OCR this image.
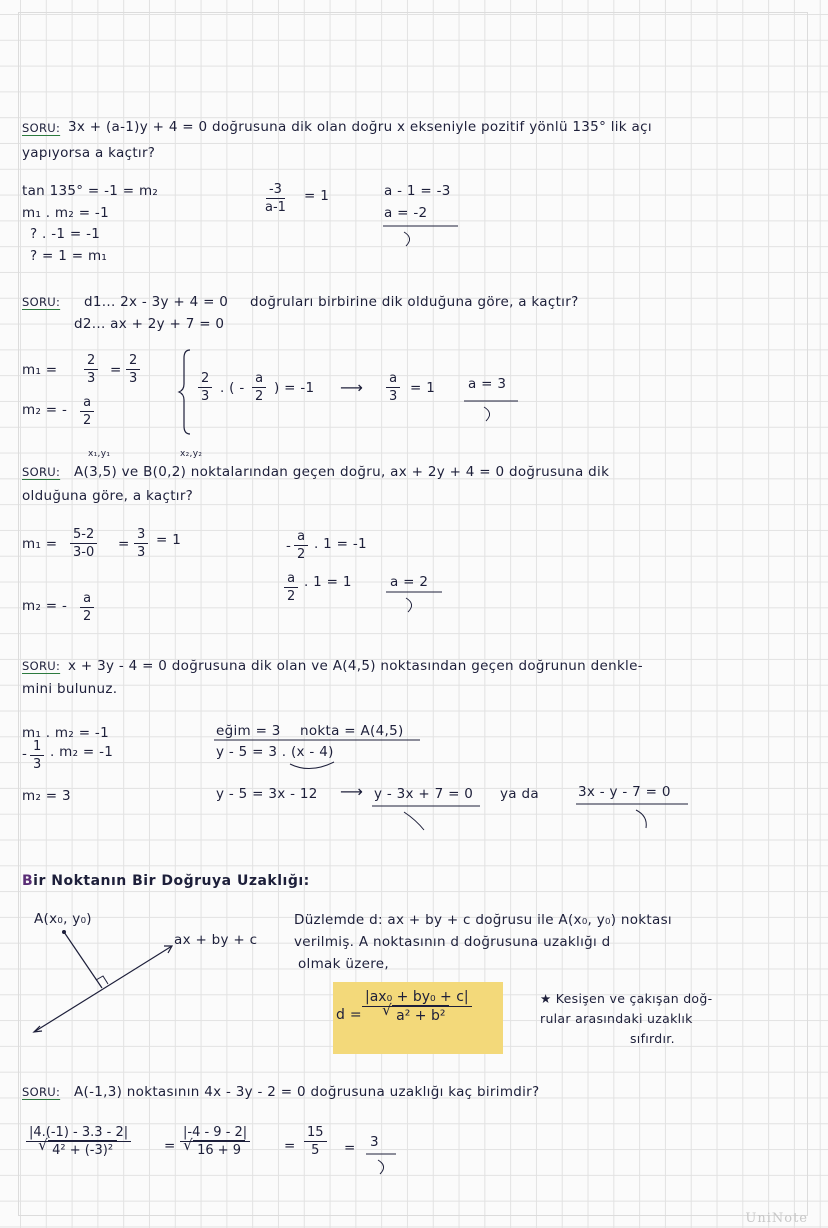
SORU: 3x + (a-1)y + 4 = 0 doğrusuna dik olan doğru x ekseniyle pozitif yönlü 135° lik açı
yapıyorsa a kaçtır?
tan 135° = -1 = m₂
m₁ . m₂ = -1
? . -1 = -1
? = 1 = m₁
$\frac{-3}{a-1} = 1$	a - 1 = -3
a = -2
SORU: d1... 2x - 3y + 4 = 0
d2... ax + 2y + 7 = 0
doğruları birbirine dik olduğuna göre, a kaçtır?
$m_1 = \frac{2}{3} = \frac{2}{3}$
m₂ = - $\frac{a}{2}$
$\frac{2}{3}$ . ( - $\frac{a}{2}$ ) = -1 ⟶ $\frac{a}{3} = 1$ a = 3
x₁,y₁	x₂,y₂
SORU: A(3,5) ve B(0,2) noktalarından geçen doğru, ax + 2y + 4 = 0 doğrusuna dik
olduğuna göre, a kaçtır?
$m_1 = \frac{5-2}{3-0} = \frac{3}{3} = 1$
m₂ = - $\frac{a}{2}$
- $\frac{a}{2}$ . 1 = -1
$\frac{a}{2}$ . 1 = 1	a = 2
SORU: x + 3y - 4 = 0 doğrusuna dik olan ve A(4,5) noktasından geçen doğrunun denkle-
mini bulunuz.
m₁ . m₂ = -1
- $\frac{1}{3}$ . m₂ = -1
m₂ = 3
eğim = 3 nokta = A(4,5)
y - 5 = 3 . (x - 4)
y - 5 = 3x - 12 ⟶ y - 3x + 7 = 0 ya da	3x - y - 7 = 0
Bir Noktanın Bir Doğruya Uzaklığı:
A(x₀, y₀)
ax + by + c
Düzlemde d: ax + by + c doğrusu ile A(x₀, y₀) noktası
verilmiş. A noktasının d doğrusuna uzaklığı d
olmak üzere,
d = |ax₀ + by₀ + c|
√ a² + b²	★ Kesişen ve çakışan doğ-
rular arasındaki uzaklık
sıfırdır.
SORU: A(-1,3) noktasının 4x - 3y - 2 = 0 doğrusuna uzaklığı kaç birimdir?
|4.(-1) - 3.3 - 2|
√ 4² + (-3)² = |-4 - 9 - 2|
√ 16 + 9	= $\frac{15}{5} = 3$
UniNote
